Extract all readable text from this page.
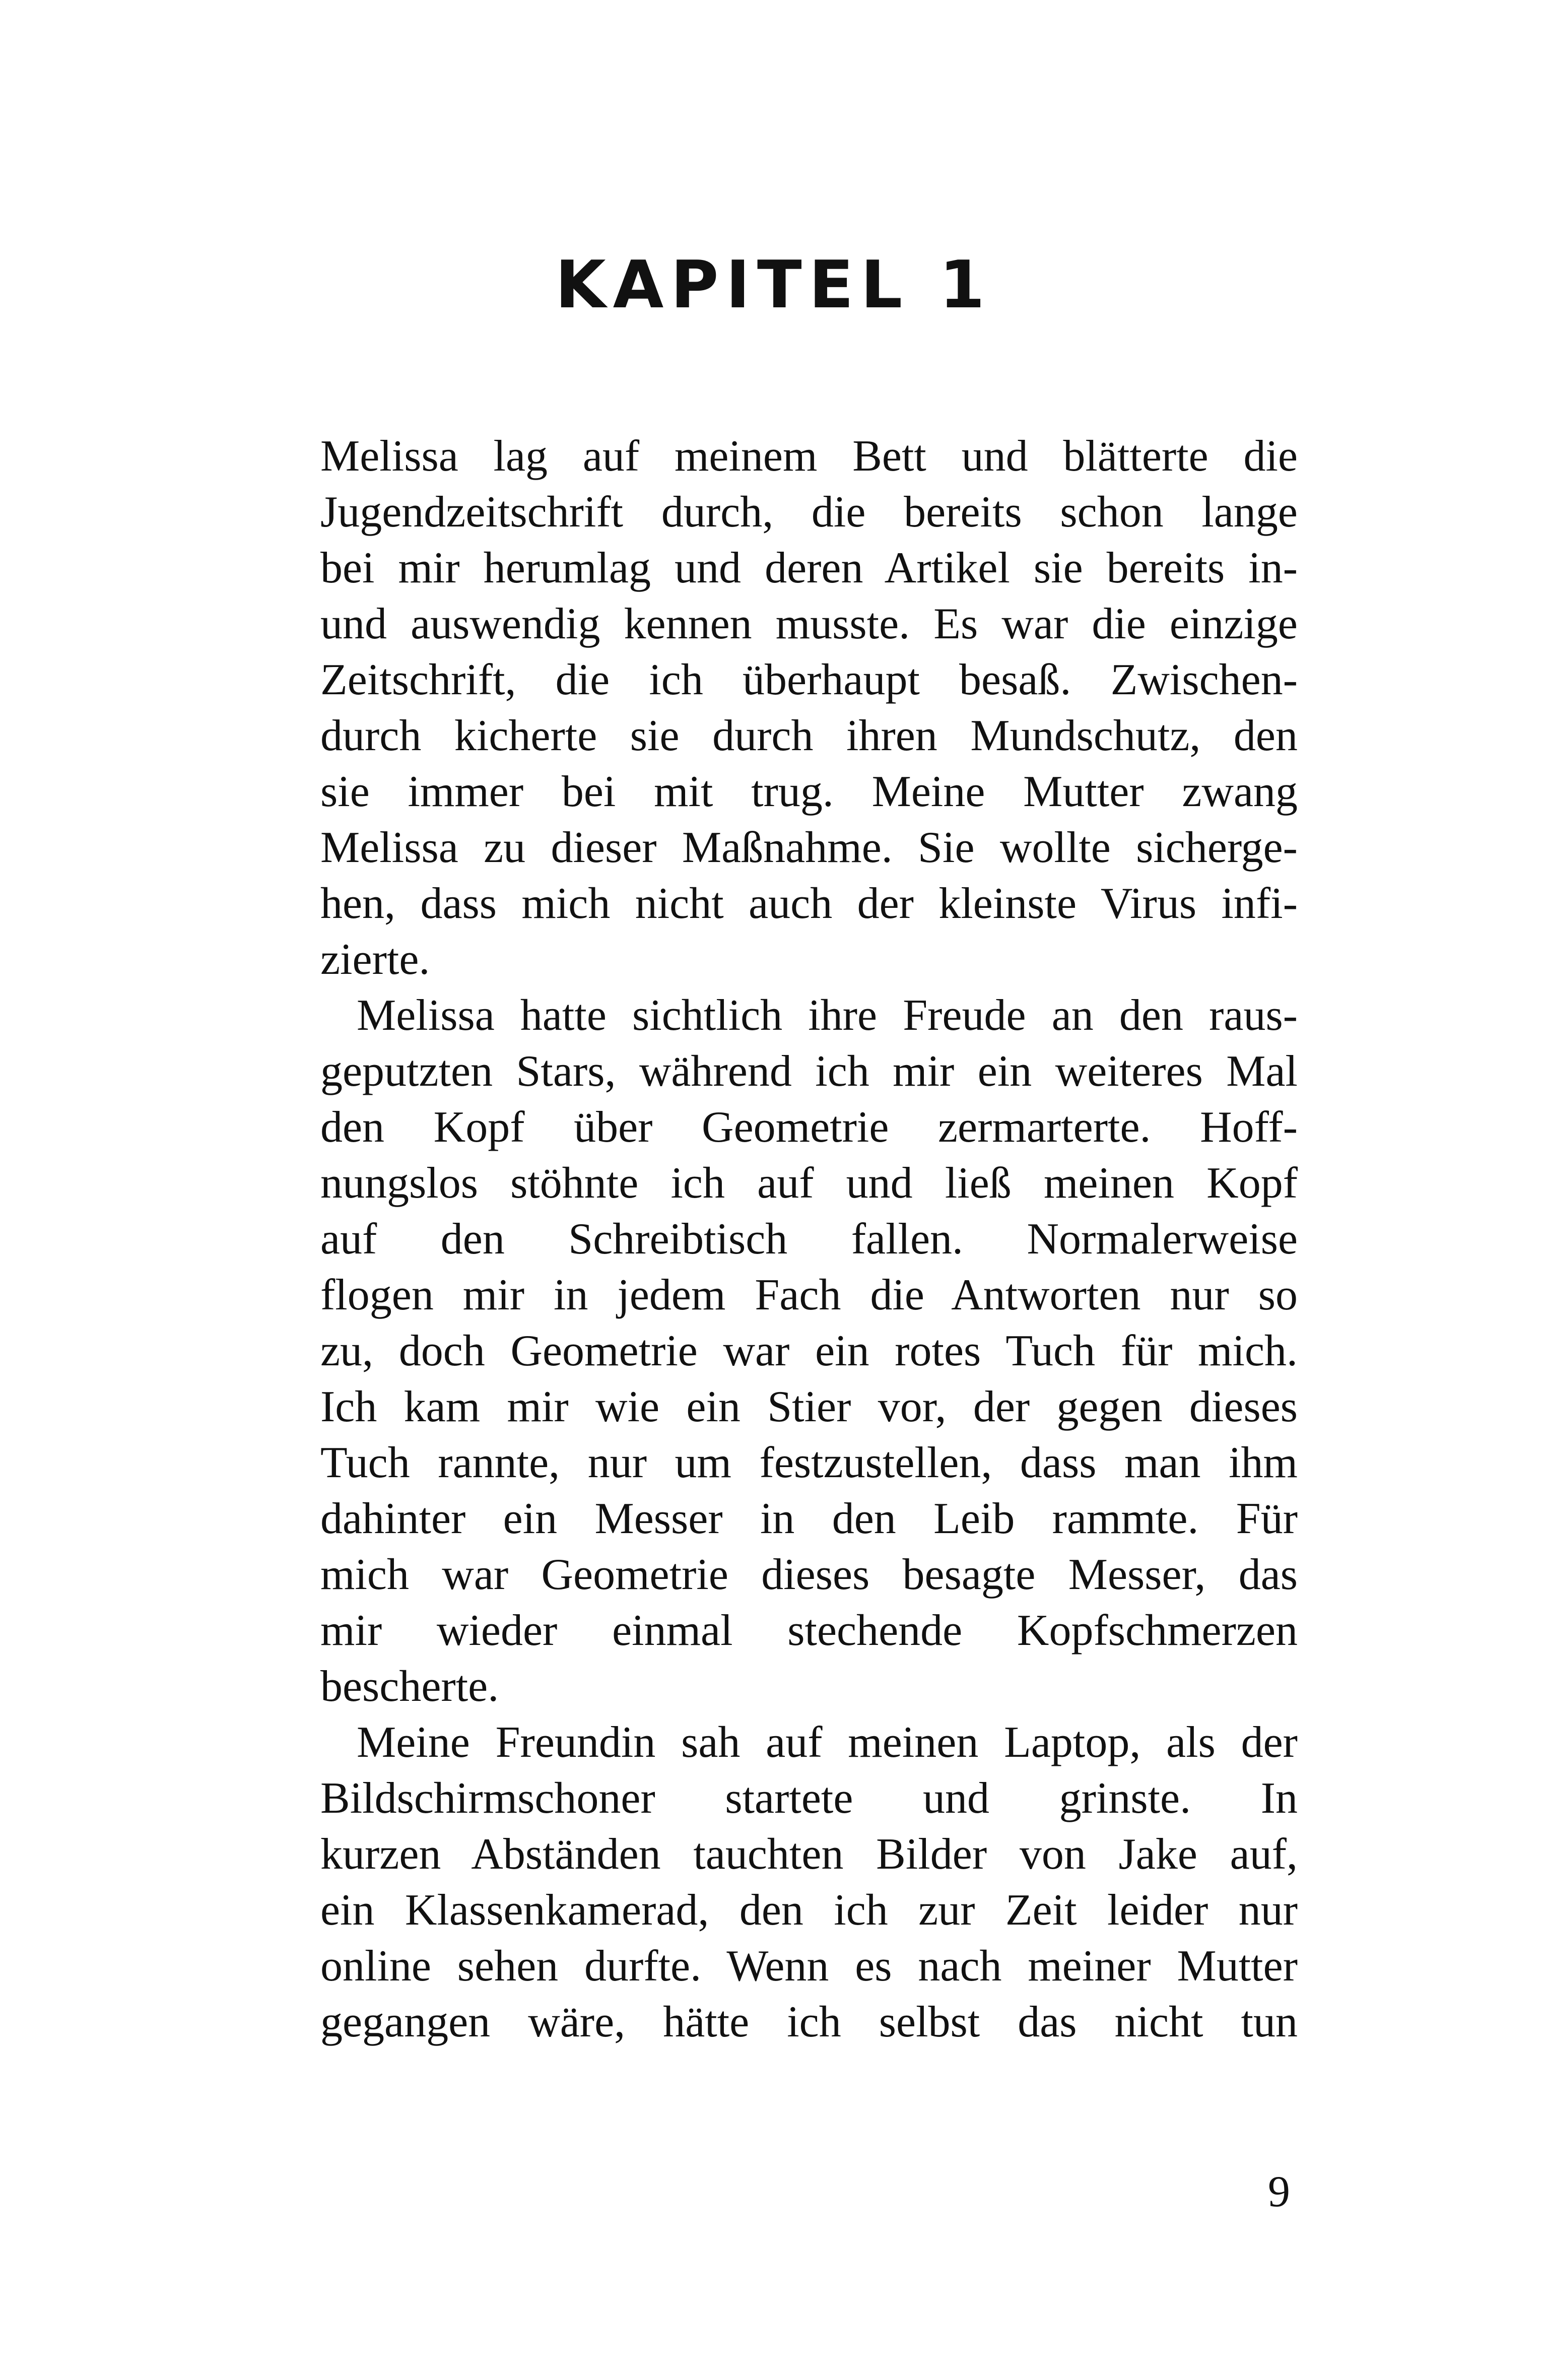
KAPITEL 1
Melissa lag auf meinem Bett und blätterte die
Jugendzeitschrift durch, die bereits schon lange
bei mir herumlag und deren Artikel sie bereits in-
und auswendig kennen musste. Es war die einzige
Zeitschrift, die ich überhaupt besaß. Zwischen-
durch kicherte sie durch ihren Mundschutz, den
sie immer bei mit trug. Meine Mutter zwang
Melissa zu dieser Maßnahme. Sie wollte sicherge-
hen, dass mich nicht auch der kleinste Virus infi-
zierte.
Melissa hatte sichtlich ihre Freude an den raus-
geputzten Stars, während ich mir ein weiteres Mal
den Kopf über Geometrie zermarterte. Hoff-
nungslos stöhnte ich auf und ließ meinen Kopf
auf den Schreibtisch fallen. Normalerweise
flogen mir in jedem Fach die Antworten nur so
zu, doch Geometrie war ein rotes Tuch für mich.
Ich kam mir wie ein Stier vor, der gegen dieses
Tuch rannte, nur um festzustellen, dass man ihm
dahinter ein Messer in den Leib rammte. Für
mich war Geometrie dieses besagte Messer, das
mir wieder einmal stechende Kopfschmerzen
bescherte.
Meine Freundin sah auf meinen Laptop, als der
Bildschirmschoner startete und grinste. In
kurzen Abständen tauchten Bilder von Jake auf,
ein Klassenkamerad, den ich zur Zeit leider nur
online sehen durfte. Wenn es nach meiner Mutter
gegangen wäre, hätte ich selbst das nicht tun
9
